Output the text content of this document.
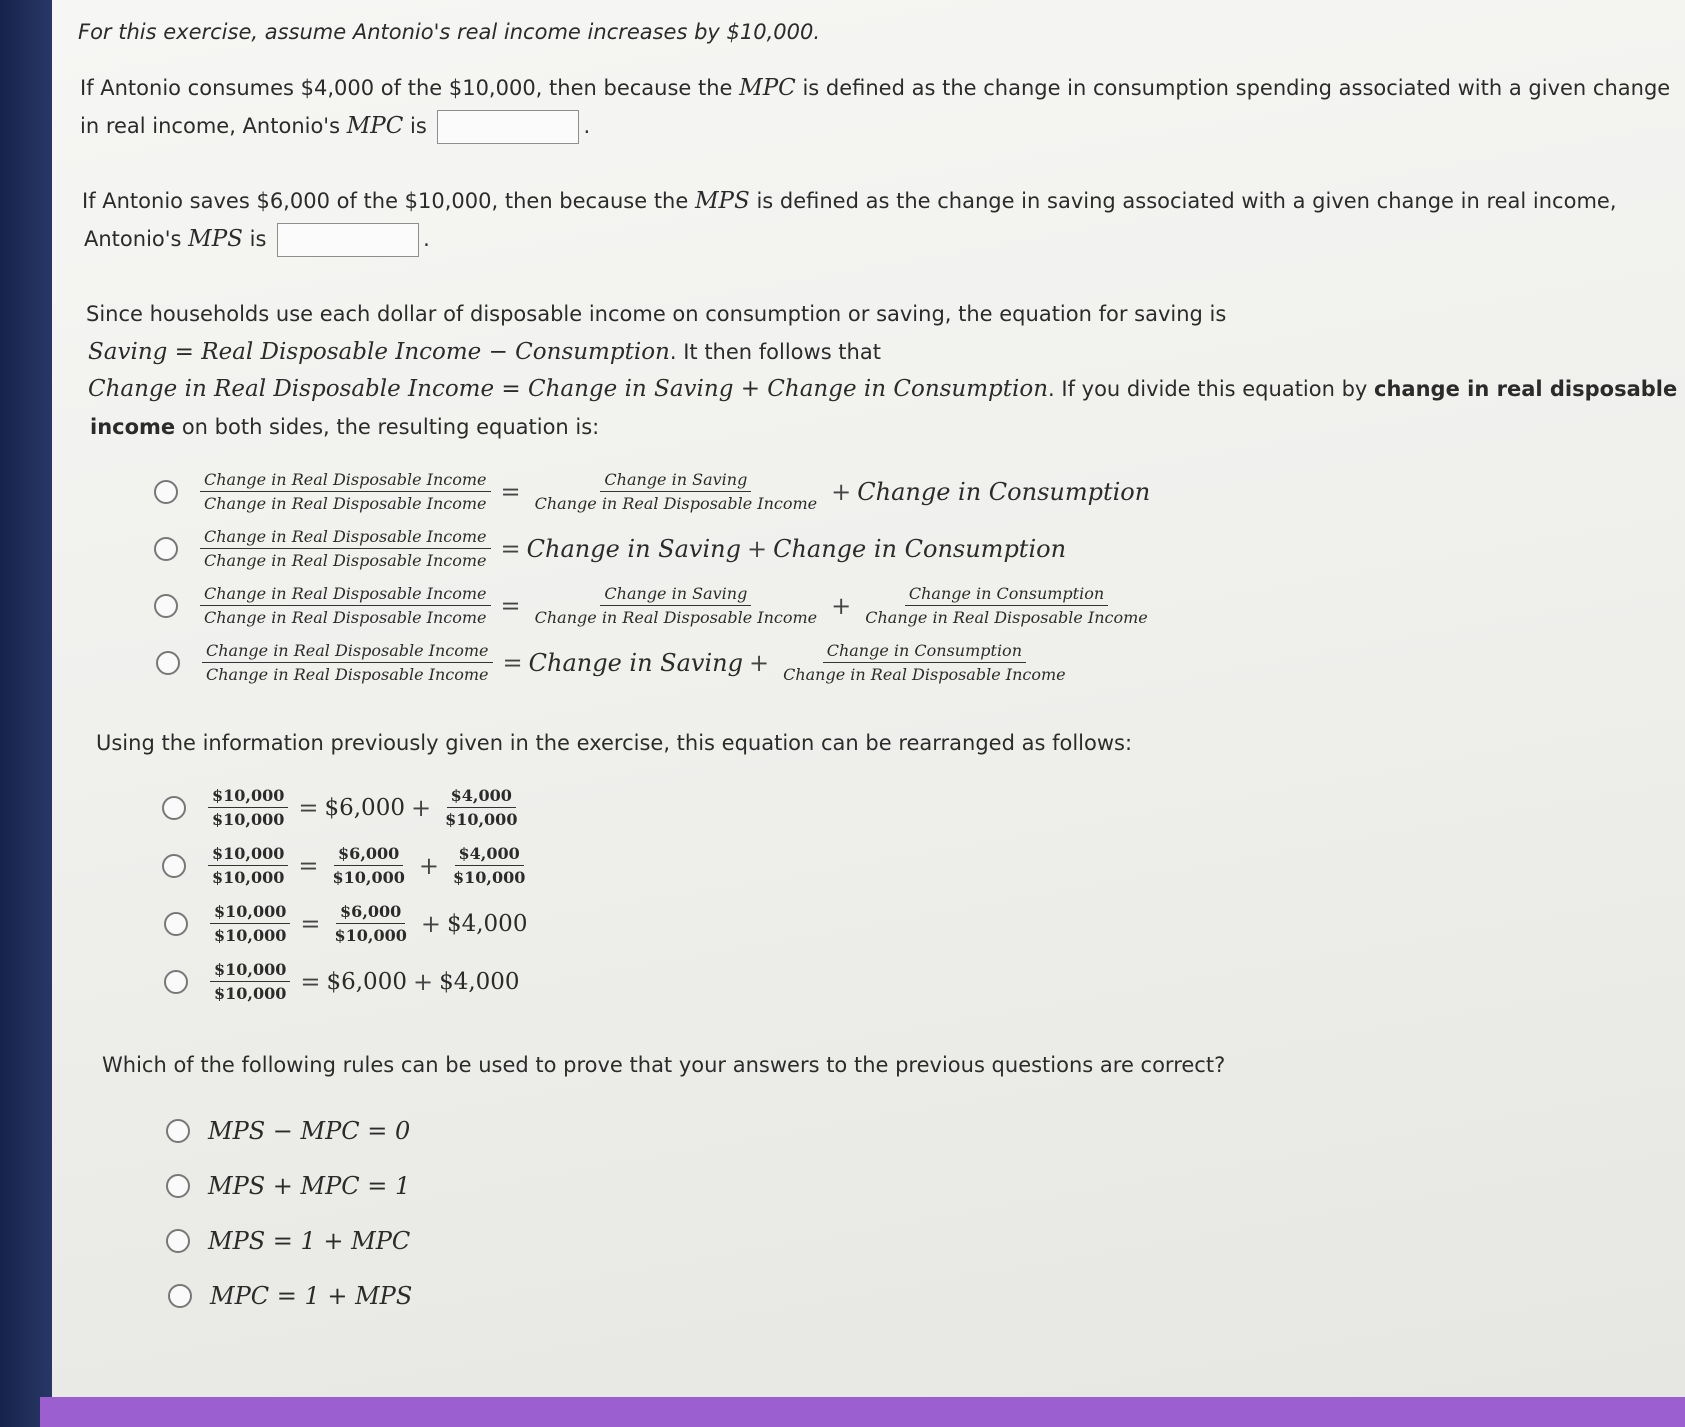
For this exercise, assume Antonio's real income increases by $10,000.
If Antonio consumes $4,000 of the $10,000, then because the MPC is defined as the change in consumption spending associated with a given change
in real income, Antonio's MPC is	.
If Antonio saves $6,000 of the $10,000, then because the MPS is defined as the change in saving associated with a given change in real income,
Antonio's MPS is	.
Since households use each dollar of disposable income on consumption or saving, the equation for saving is
Saving = Real Disposable Income − Consumption. It then follows that
Change in Real Disposable Income = Change in Saving + Change in Consumption. If you divide this equation by change in real disposable
income on both sides, the resulting equation is:
$\frac{\text{Change in Real Disposable Income}}{\text{Change in Real Disposable Income}} = \frac{\text{Change in Saving}}{\text{Change in Real Disposable Income}}$ + Change in Consumption
$\frac{\text{Change in Real Disposable Income}}{\text{Change in Real Disposable Income}}$ = Change in Saving + Change in Consumption
$\frac{\text{Change in Real Disposable Income}}{\text{Change in Real Disposable Income}} = \frac{\text{Change in Saving}}{\text{Change in Real Disposable Income}} + \frac{\text{Change in Consumption}}{\text{Change in Real Disposable Income}}$
$\frac{\text{Change in Real Disposable Income}}{\text{Change in Real Disposable Income}}$ = Change in Saving + $\frac{\text{Change in Consumption}}{\text{Change in Real Disposable Income}}$
Using the information previously given in the exercise, this equation can be rearranged as follows:
$\frac{\$10,000}{\$10,000}$ = $6,000 + $\frac{\$4,000}{\$10,000}$
$\frac{\$10,000}{\$10,000} = \frac{\$6,000}{\$10,000} + \frac{\$4,000}{\$10,000}$
$\frac{\$10,000}{\$10,000} = \frac{\$6,000}{\$10,000}$ + $4,000
$\frac{\$10,000}{\$10,000}$ = $6,000 + $4,000
Which of the following rules can be used to prove that your answers to the previous questions are correct?
MPS − MPC = 0
MPS + MPC = 1
MPS = 1 + MPC
MPC = 1 + MPS
